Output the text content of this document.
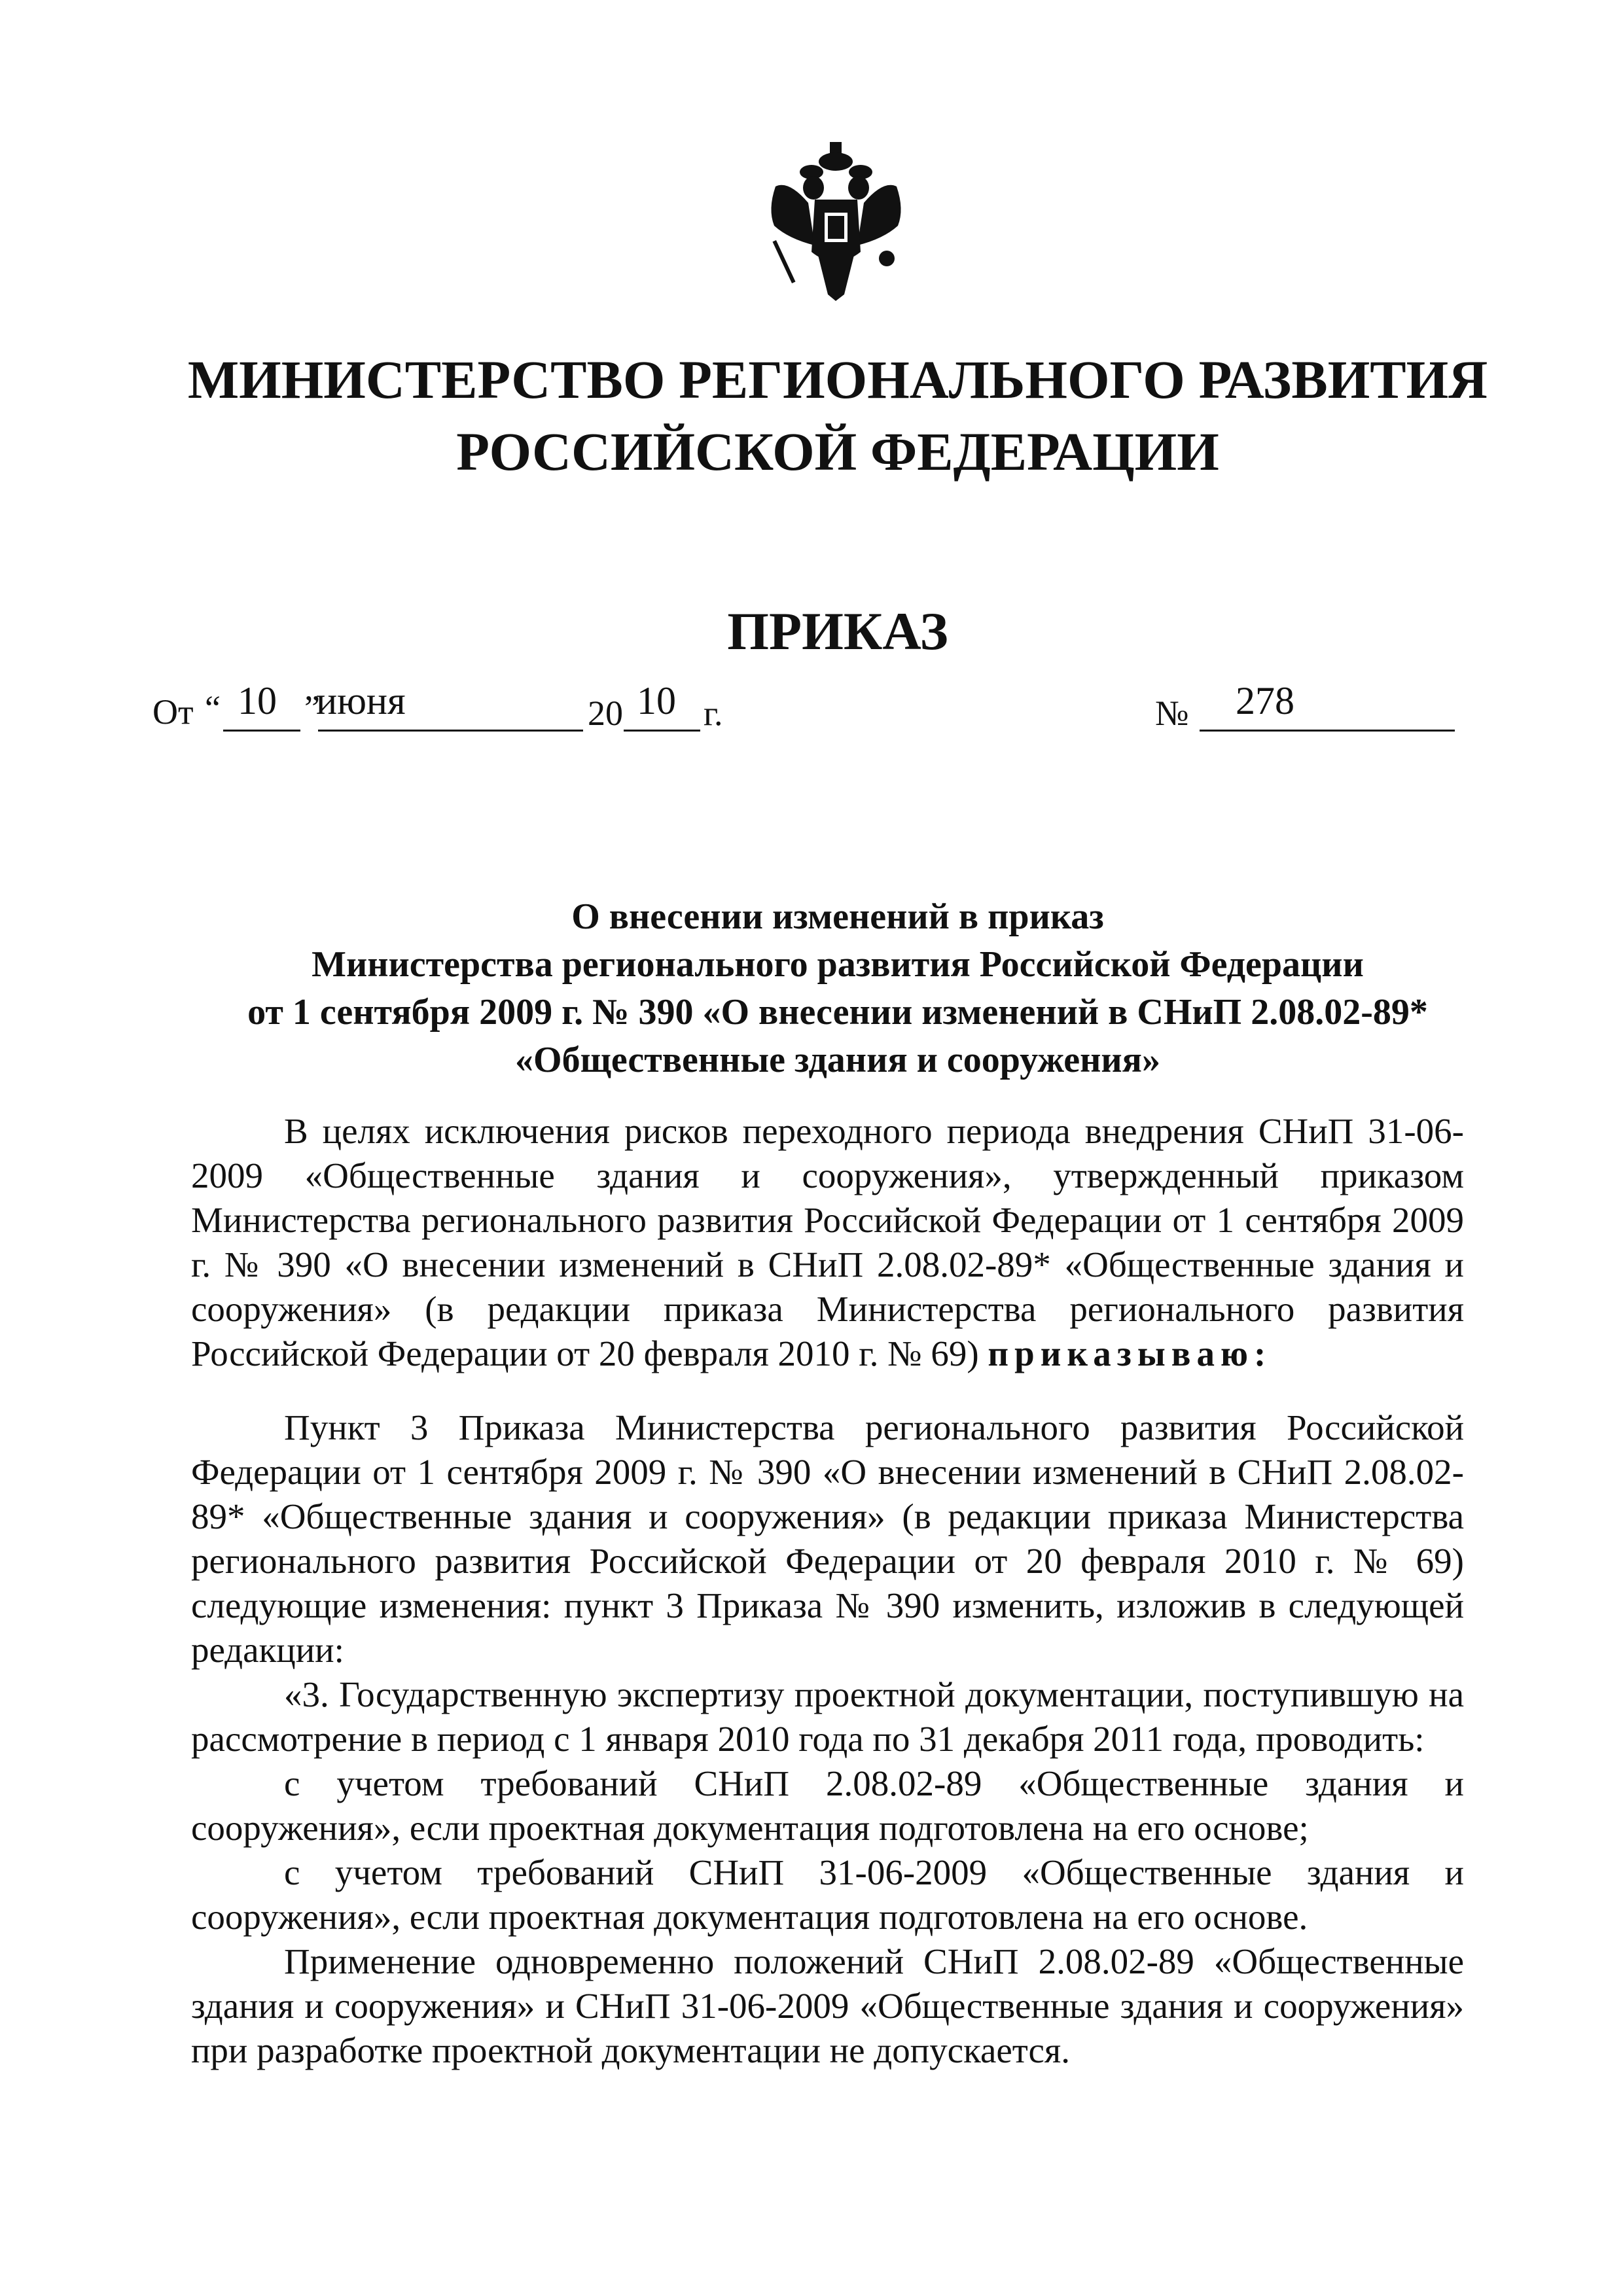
МИНИСТЕРСТВО РЕГИОНАЛЬНОГО РАЗВИТИЯ
РОССИЙСКОЙ ФЕДЕРАЦИИ
ПРИКАЗ
От “ 10 ”
июня	20 10 г.	№ 278
О внесении изменений в приказ
Министерства регионального развития Российской Федерации
от 1 сентября 2009 г. № 390 «О внесении изменений в СНиП 2.08.02-89*
«Общественные здания и сооружения»

В целях исключения рисков переходного периода внедрения СНиП 31-06-2009 «Общественные здания и сооружения», утвержденный приказом Министерства регионального развития Российской Федерации от 1 сентября 2009 г. № 390 «О внесении изменений в СНиП 2.08.02-89* «Общественные здания и сооружения» (в редакции приказа Министерства регионального развития Российской Федерации от 20 февраля 2010 г. № 69) приказываю:

Пункт 3 Приказа Министерства регионального развития Российской Федерации от 1 сентября 2009 г. № 390 «О внесении изменений в СНиП 2.08.02-89* «Общественные здания и сооружения» (в редакции приказа Министерства регионального развития Российской Федерации от 20 февраля 2010 г. № 69) следующие изменения: пункт 3 Приказа № 390 изменить, изложив в следующей редакции:

«3. Государственную экспертизу проектной документации, поступившую на рассмотрение в период с 1 января 2010 года по 31 декабря 2011 года, проводить:

с учетом требований СНиП 2.08.02-89 «Общественные здания и сооружения», если проектная документация подготовлена на его основе;

с учетом требований СНиП 31-06-2009 «Общественные здания и сооружения», если проектная документация подготовлена на его основе.

Применение одновременно положений СНиП 2.08.02-89 «Общественные здания и сооружения» и СНиП 31-06-2009 «Общественные здания и сооружения» при разработке проектной документации не допускается.
